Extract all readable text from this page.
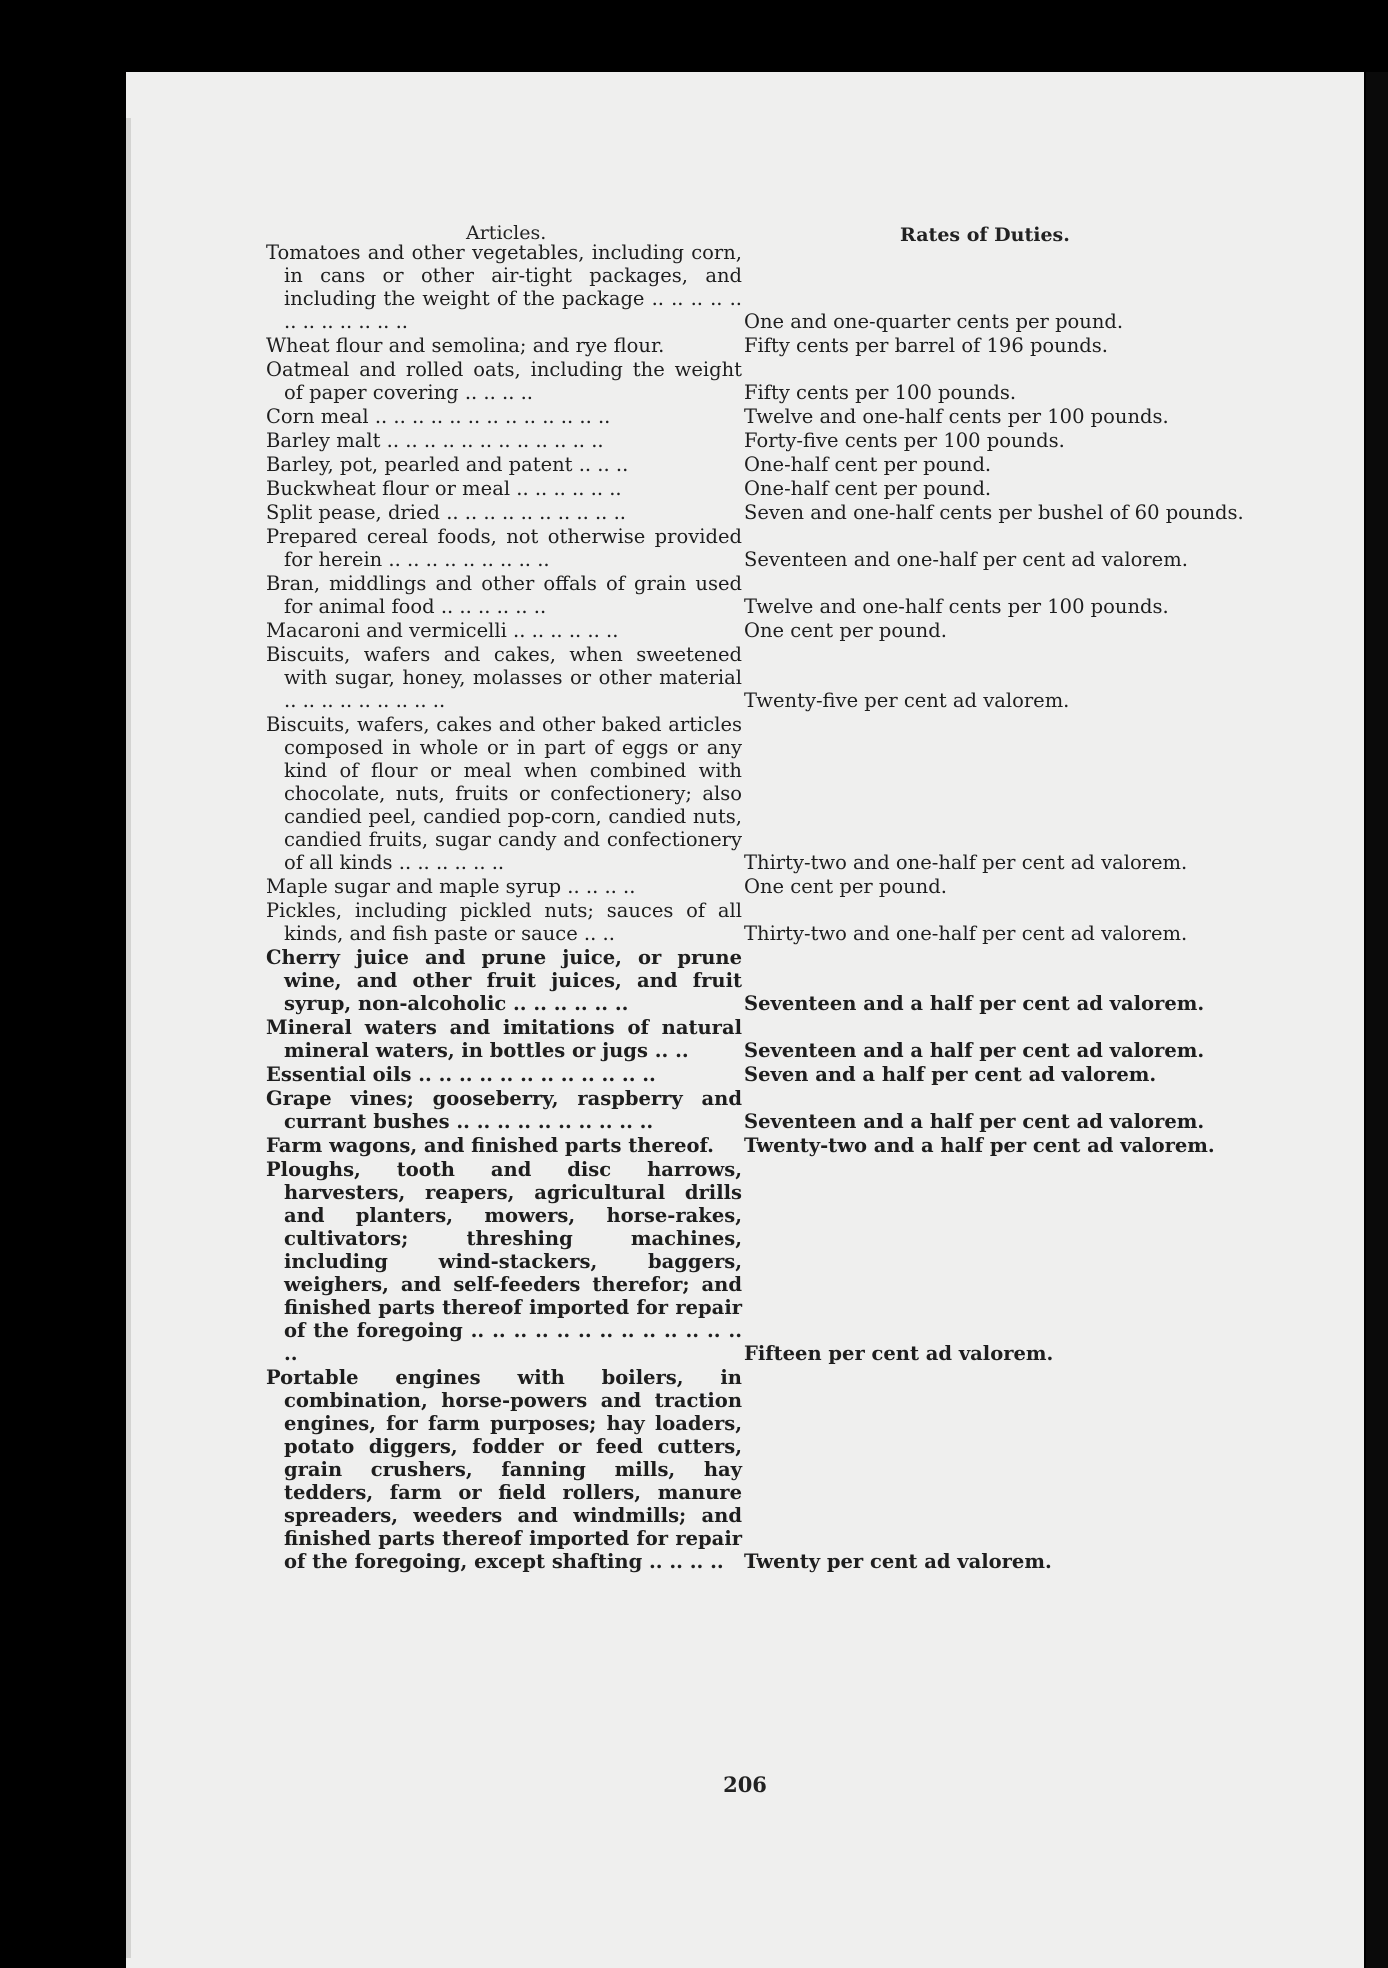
Articles.	Rates of Duties.
Tomatoes and other vegetables, including corn, in cans or other air-tight packages, and including the weight of the package .. .. .. .. .. .. .. .. .. .. .. ..	One and one-quarter cents per pound.
Wheat flour and semolina; and rye flour.	Fifty cents per barrel of 196 pounds.
Oatmeal and rolled oats, including the weight of paper covering .. .. .. ..	Fifty cents per 100 pounds.
Corn meal .. .. .. .. .. .. .. .. .. .. .. .. ..	Twelve and one-half cents per 100 pounds.
Barley malt .. .. .. .. .. .. .. .. .. .. .. ..	Forty-five cents per 100 pounds.
Barley, pot, pearled and patent .. .. ..	One-half cent per pound.
Buckwheat flour or meal .. .. .. .. .. ..	One-half cent per pound.
Split pease, dried .. .. .. .. .. .. .. .. .. ..	Seven and one-half cents per bushel of 60 pounds.
Prepared cereal foods, not otherwise provided for herein .. .. .. .. .. .. .. .. ..	Seventeen and one-half per cent ad valorem.
Bran, middlings and other offals of grain used for animal food .. .. .. .. .. ..	Twelve and one-half cents per 100 pounds.
Macaroni and vermicelli .. .. .. .. .. ..	One cent per pound.
Biscuits, wafers and cakes, when sweetened with sugar, honey, molasses or other material .. .. .. .. .. .. .. .. ..	Twenty-five per cent ad valorem.
Biscuits, wafers, cakes and other baked articles composed in whole or in part of eggs or any kind of flour or meal when combined with chocolate, nuts, fruits or confectionery; also candied peel, candied pop-corn, candied nuts, candied fruits, sugar candy and confectionery of all kinds .. .. .. .. .. ..	Thirty-two and one-half per cent ad valorem.
Maple sugar and maple syrup .. .. .. ..	One cent per pound.
Pickles, including pickled nuts; sauces of all kinds, and fish paste or sauce .. ..	Thirty-two and one-half per cent ad valorem.
Cherry juice and prune juice, or prune wine, and other fruit juices, and fruit syrup, non-alcoholic .. .. .. .. .. ..	Seventeen and a half per cent ad valorem.
Mineral waters and imitations of natural mineral waters, in bottles or jugs .. ..	Seventeen and a half per cent ad valorem.
Essential oils .. .. .. .. .. .. .. .. .. .. .. ..	Seven and a half per cent ad valorem.
Grape vines; gooseberry, raspberry and currant bushes .. .. .. .. .. .. .. .. .. ..	Seventeen and a half per cent ad valorem.
Farm wagons, and finished parts thereof.	Twenty-two and a half per cent ad valorem.
Ploughs, tooth and disc harrows, harvesters, reapers, agricultural drills and planters, mowers, horse-rakes, cultivators; threshing machines, including wind-stackers, baggers, weighers, and self-feeders therefor; and finished parts thereof imported for repair of the foregoing .. .. .. .. .. .. .. .. .. .. .. .. .. ..	Fifteen per cent ad valorem.
Portable engines with boilers, in combination, horse-powers and traction engines, for farm purposes; hay loaders, potato diggers, fodder or feed cutters, grain crushers, fanning mills, hay tedders, farm or field rollers, manure spreaders, weeders and windmills; and finished parts thereof imported for repair of the foregoing, except shafting .. .. .. ..	Twenty per cent ad valorem.
206
